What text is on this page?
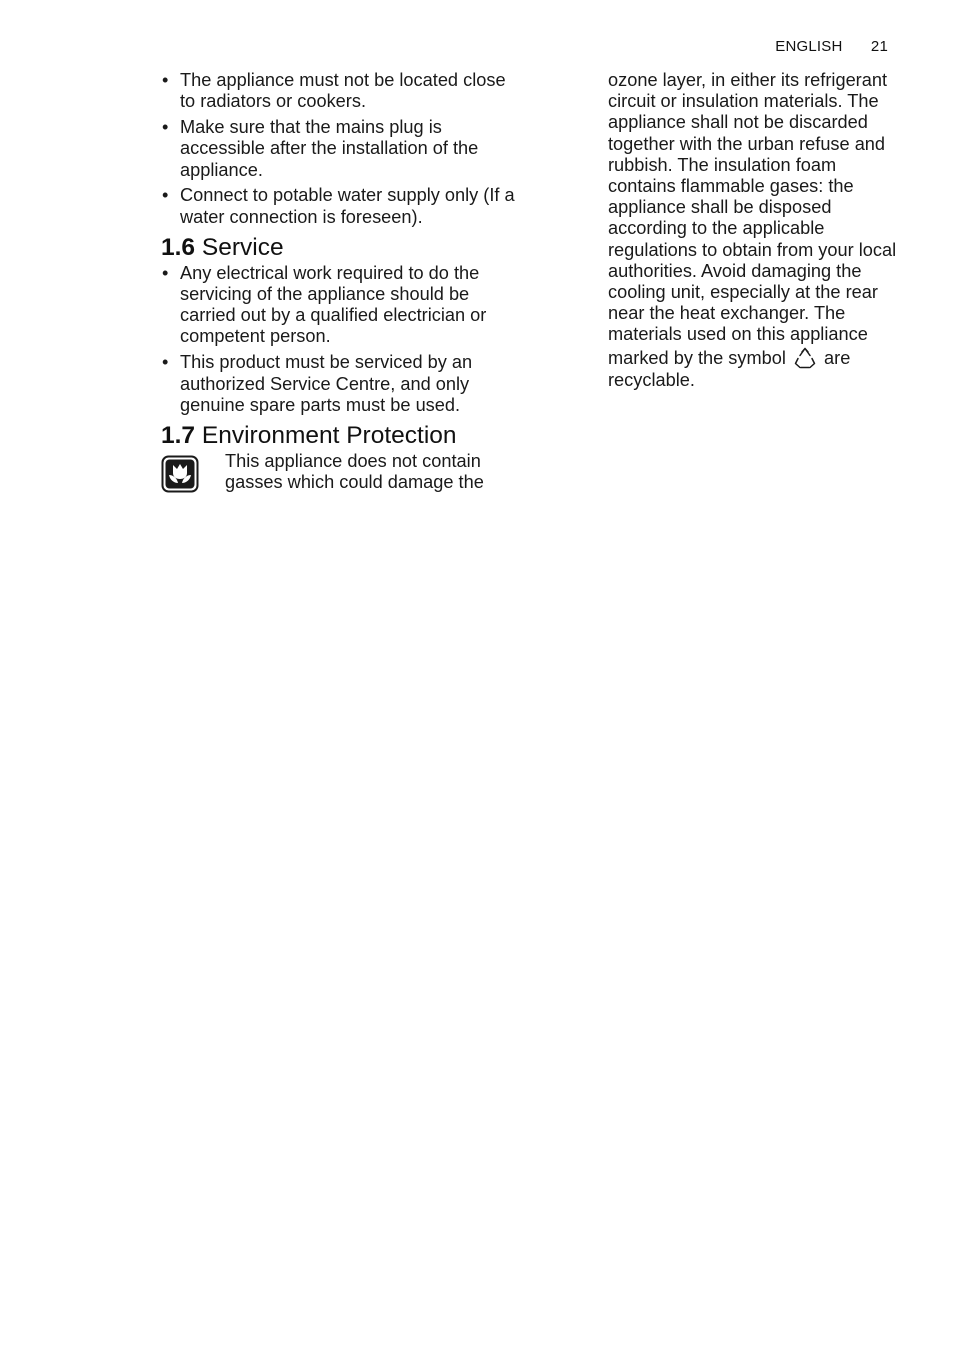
ENGLISH 21
• The appliance must not be located close to radiators or cookers.
• Make sure that the mains plug is accessible after the installation of the appliance.
• Connect to potable water supply only (If a water connection is foreseen).
1.6 Service
• Any electrical work required to do the servicing of the appliance should be carried out by a qualified electrician or competent person.
• This product must be serviced by an authorized Service Centre, and only genuine spare parts must be used.
1.7 Environment Protection
This appliance does not contain gasses which could damage the

ozone layer, in either its refrigerant circuit or insulation materials. The appliance shall not be discarded together with the urban refuse and rubbish. The insulation foam contains flammable gases: the appliance shall be disposed according to the applicable regulations to obtain from your local authorities. Avoid damaging the cooling unit, especially at the rear near the heat exchanger. The materials used on this appliance marked by the symbol are recyclable.
